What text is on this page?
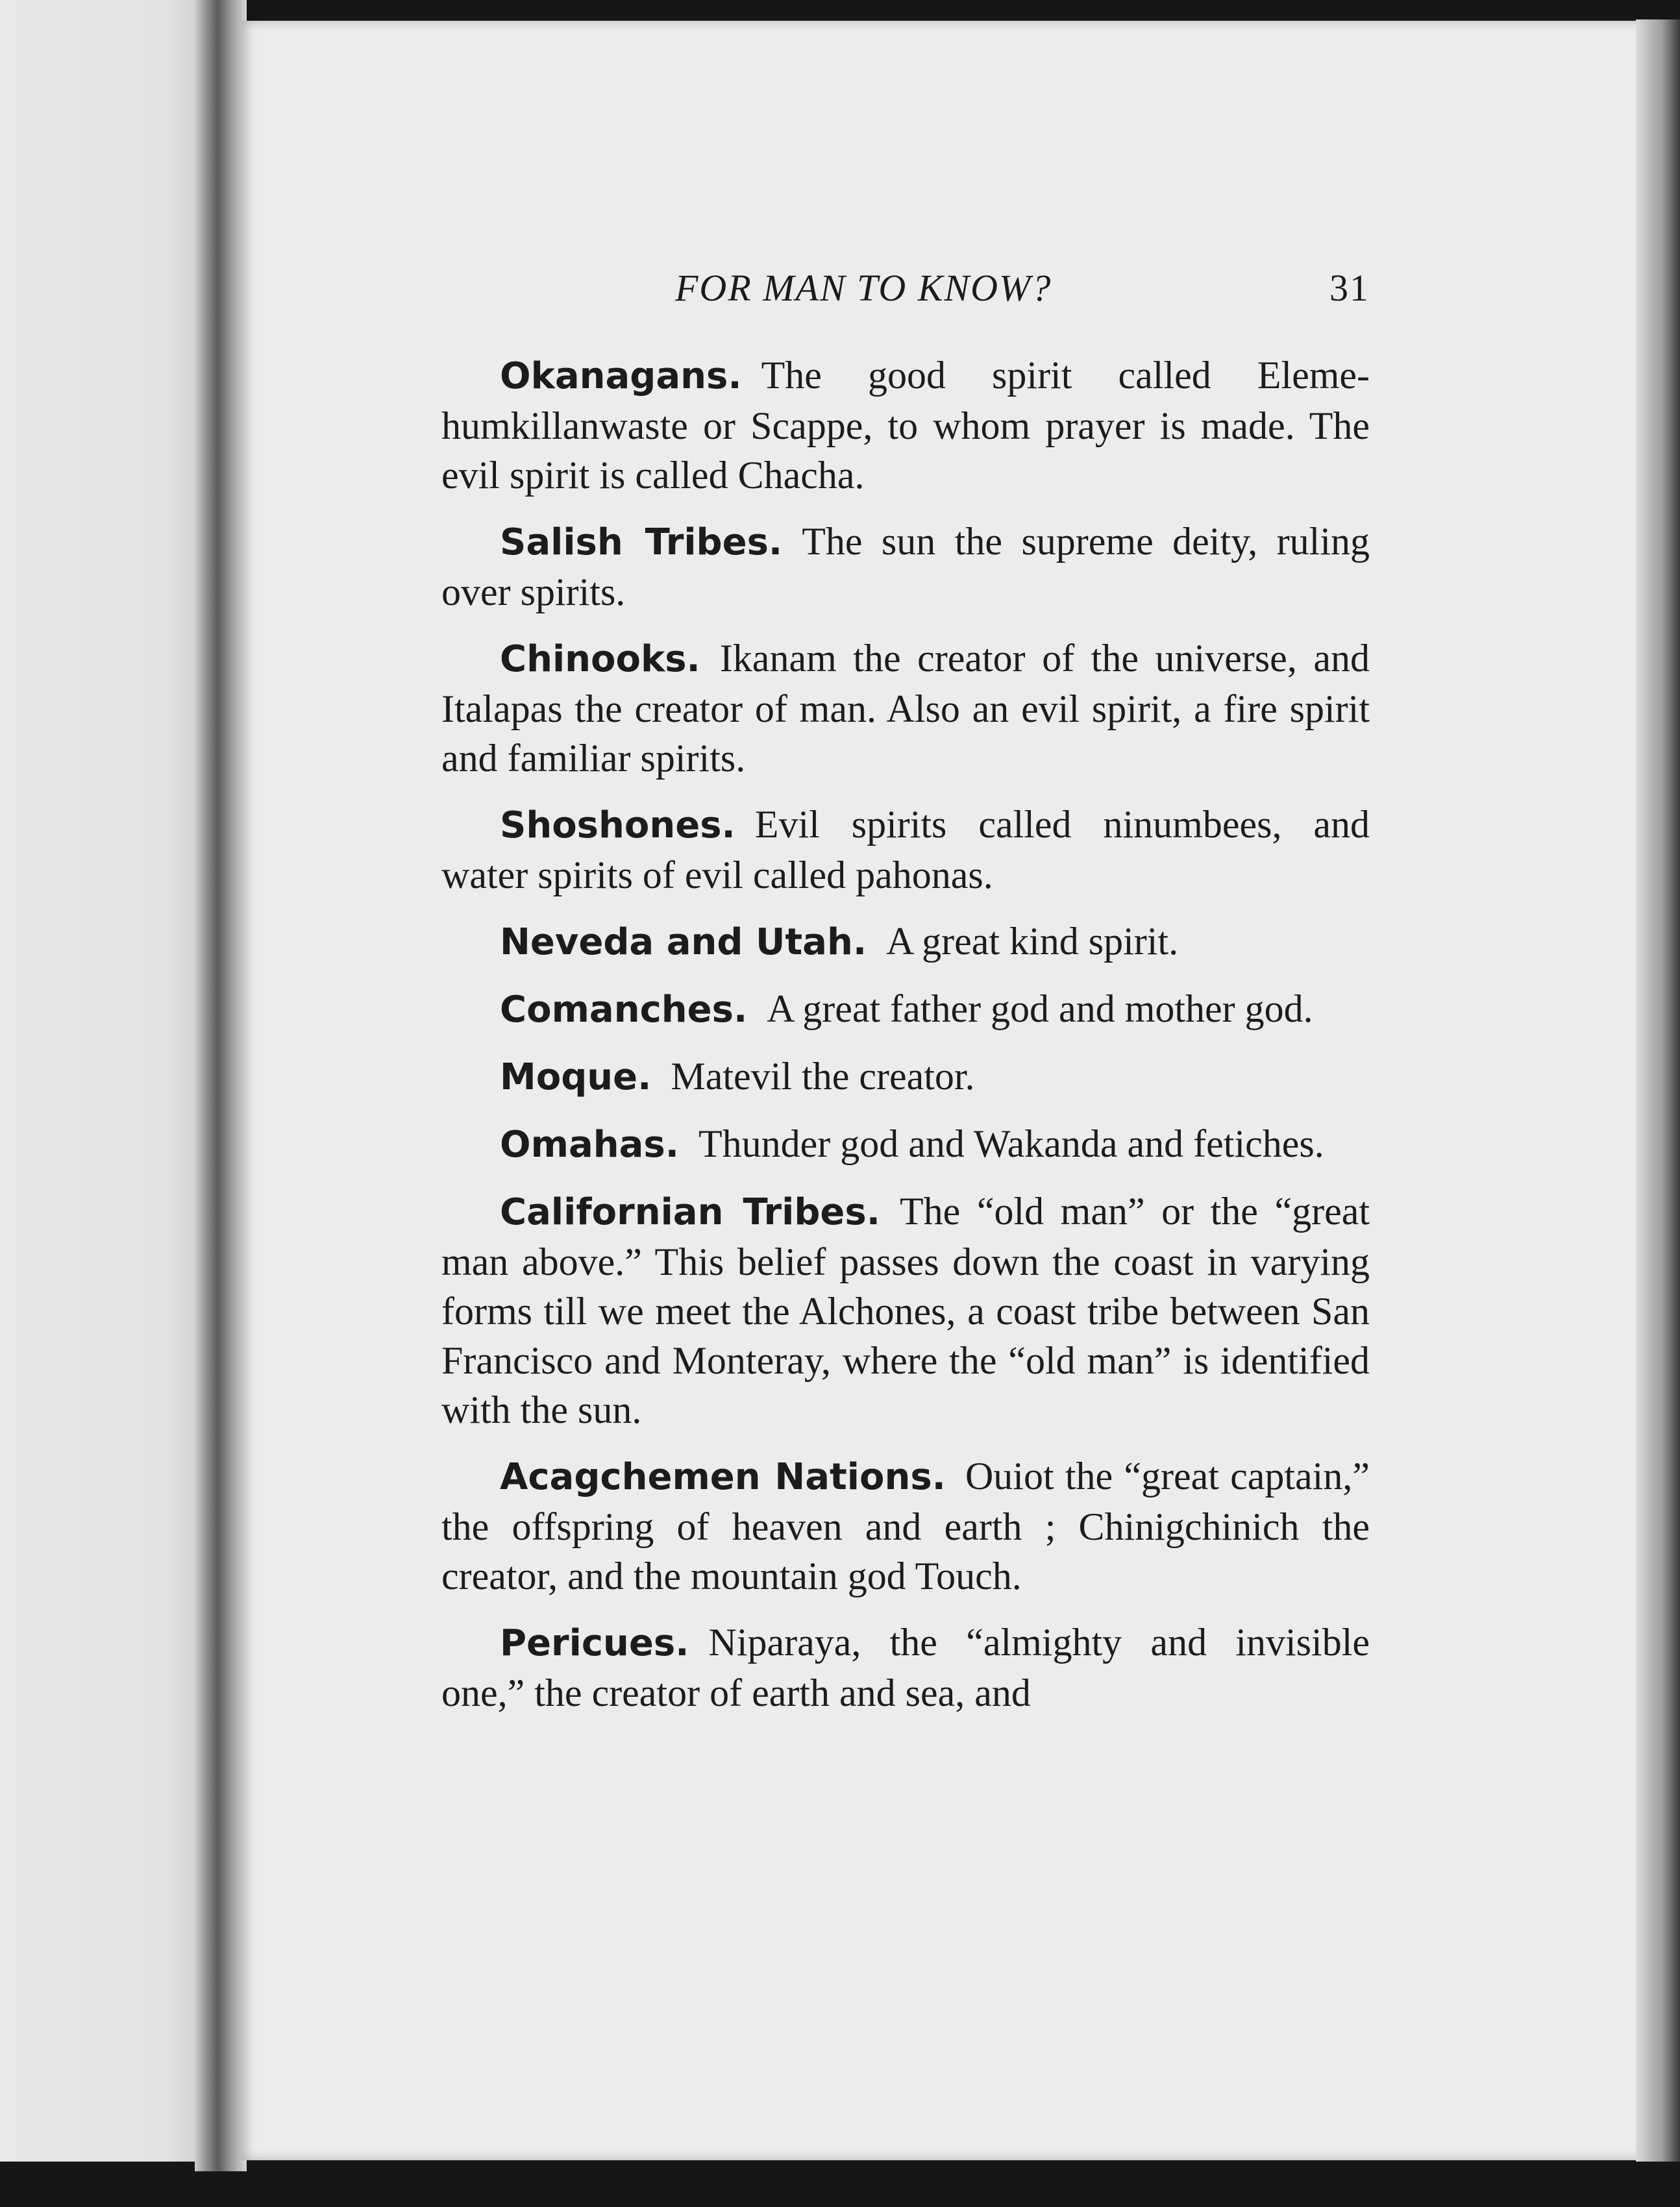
FOR MAN TO KNOW?	31

Okanagans. The good spirit called Eleme-humkillanwaste or Scappe, to whom prayer is made. The evil spirit is called Chacha.

Salish Tribes. The sun the supreme deity, ruling over spirits.

Chinooks. Ikanam the creator of the universe, and Italapas the creator of man. Also an evil spirit, a fire spirit and familiar spirits.

Shoshones. Evil spirits called ninumbees, and water spirits of evil called pahonas.

Neveda and Utah. A great kind spirit.

Comanches. A great father god and mother god.

Moque. Matevil the creator.

Omahas. Thunder god and Wakanda and fetiches.

Californian Tribes. The “old man” or the “great man above.” This belief passes down the coast in varying forms till we meet the Alchones, a coast tribe between San Francisco and Monteray, where the “old man” is identified with the sun.

Acagchemen Nations. Ouiot the “great captain,” the offspring of heaven and earth ; Chinigchinich the creator, and the mountain god Touch.

Pericues. Niparaya, the “almighty and invisible one,” the creator of earth and sea, and
